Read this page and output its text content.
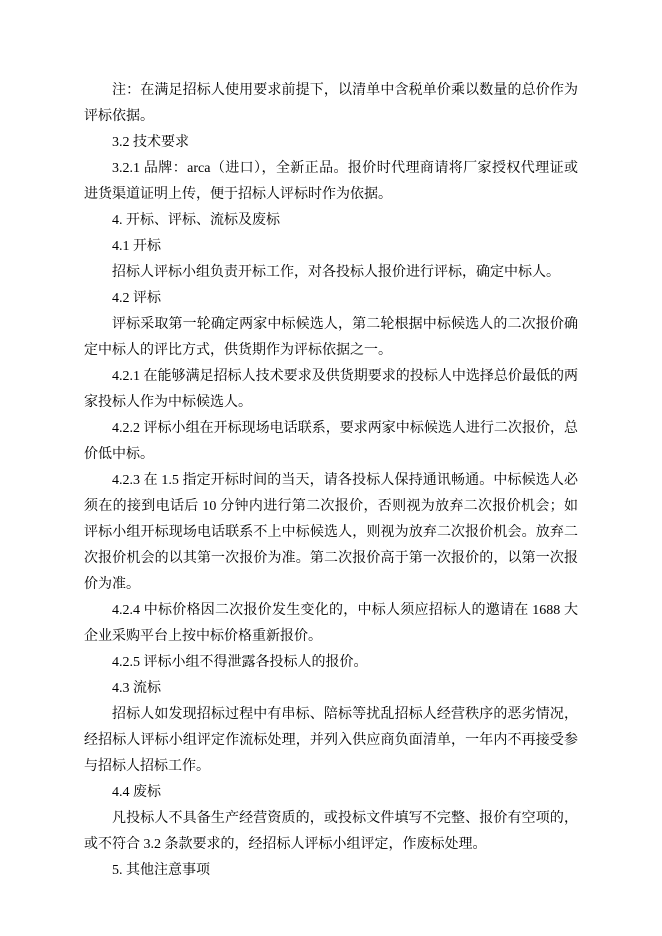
注：在满足招标人使用要求前提下，以清单中含税单价乘以数量的总价作为评标依据。

3.2 技术要求

3.2.1 品牌：arca（进口），全新正品。报价时代理商请将厂家授权代理证或进货渠道证明上传，便于招标人评标时作为依据。

4. 开标、评标、流标及废标

4.1 开标

招标人评标小组负责开标工作，对各投标人报价进行评标，确定中标人。

4.2 评标

评标采取第一轮确定两家中标候选人，第二轮根据中标候选人的二次报价确定中标人的评比方式，供货期作为评标依据之一。

4.2.1 在能够满足招标人技术要求及供货期要求的投标人中选择总价最低的两家投标人作为中标候选人。

4.2.2 评标小组在开标现场电话联系，要求两家中标候选人进行二次报价，总价低中标。

4.2.3 在 1.5 指定开标时间的当天，请各投标人保持通讯畅通。中标候选人必须在的接到电话后 10 分钟内进行第二次报价，否则视为放弃二次报价机会；如评标小组开标现场电话联系不上中标候选人，则视为放弃二次报价机会。放弃二次报价机会的以其第一次报价为准。第二次报价高于第一次报价的，以第一次报价为准。

4.2.4 中标价格因二次报价发生变化的，中标人须应招标人的邀请在 1688 大企业采购平台上按中标价格重新报价。

4.2.5 评标小组不得泄露各投标人的报价。

4.3 流标

招标人如发现招标过程中有串标、陪标等扰乱招标人经营秩序的恶劣情况，经招标人评标小组评定作流标处理，并列入供应商负面清单，一年内不再接受参与招标人招标工作。

4.4 废标

凡投标人不具备生产经营资质的，或投标文件填写不完整、报价有空项的，或不符合 3.2 条款要求的，经招标人评标小组评定，作废标处理。

5. 其他注意事项
